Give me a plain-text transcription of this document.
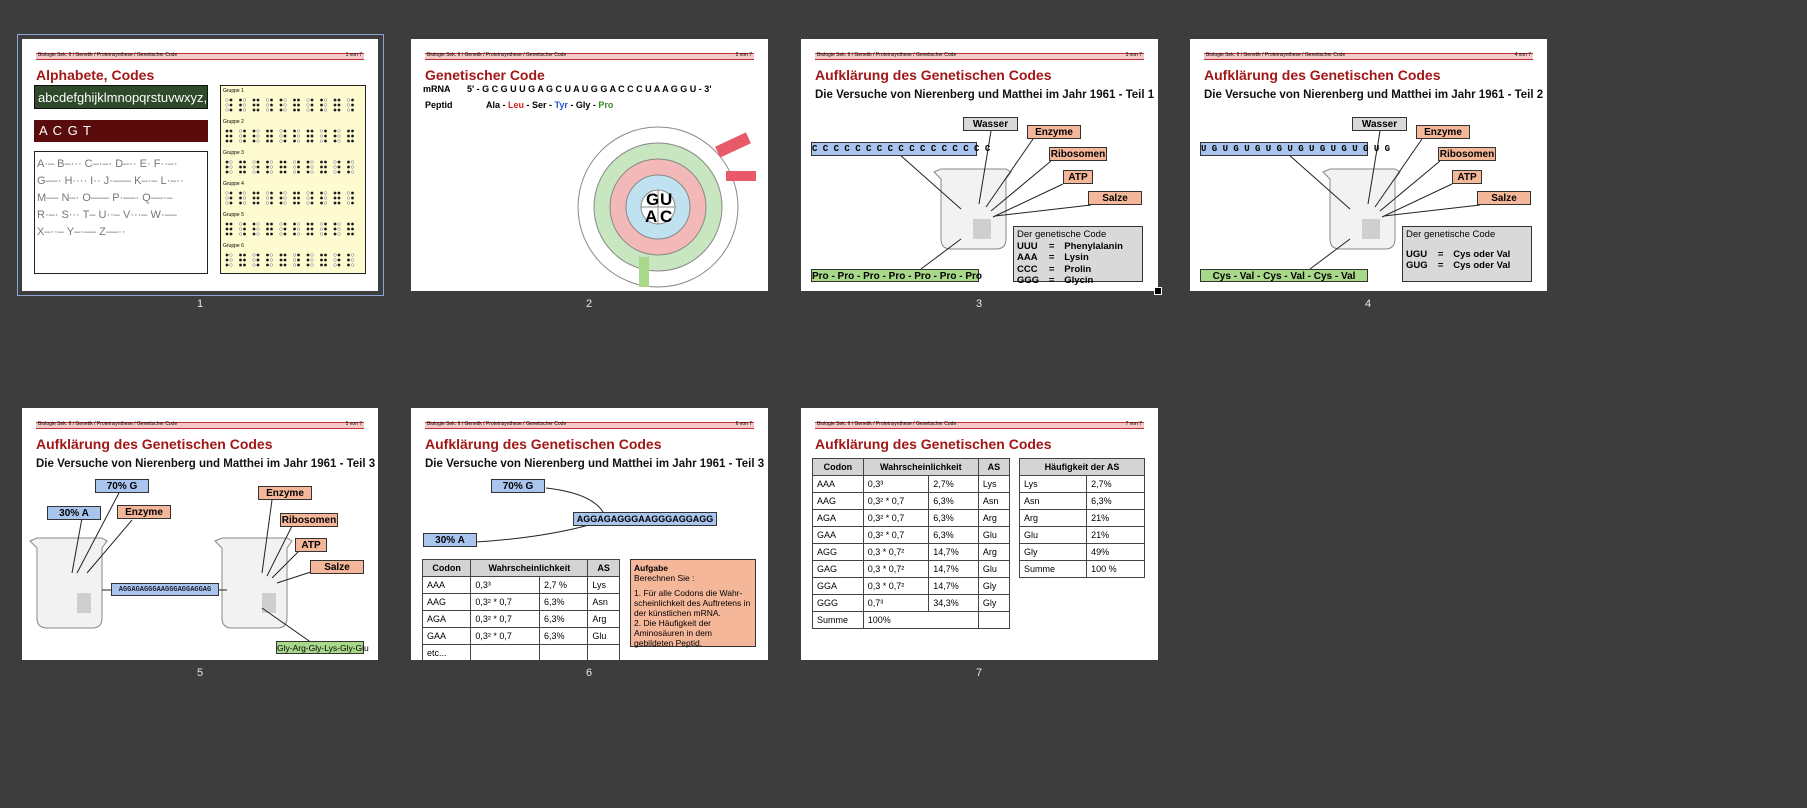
Biologie Sek. II / Genetik / Proteinsynthese / Genetischer Code	1 von 7
Alphabete, Codes
abcdefghijklmnopqrstuvwxyz,.
A C G T
A·– B–··· C–·–· D–·· E· F··–·
G––· H···· I·· J·––– K–·– L·–··
M–– N–· O––– P·––· Q––·–
R·–· S··· T– U··– V···– W·––
X–··– Y–·–– Z––··
Gruppe 1
Gruppe 2
Gruppe 3
Gruppe 4
Gruppe 5
Gruppe 6
1
Biologie Sek. II / Genetik / Proteinsynthese / Genetischer Code	2 von 7
Genetischer Code
mRNA 5' - G C G U U G A G C U A U G G A C C C U A A G G U - 3'
Peptid	Ala - Leu - Ser - Tyr - Gly - Pro
G U
A C
2
Biologie Sek. II / Genetik / Proteinsynthese / Genetischer Code	3 von 7
Aufklärung des Genetischen Codes
Die Versuche von Nierenberg und Matthei im Jahr 1961 - Teil 1
C C C C C C C C C C C C C C C C C
Wasser
Enzyme
Ribosomen
ATP
Salze
Pro - Pro - Pro - Pro - Pro - Pro - Pro
Der genetische Code
UUU = Phenylalanin
AAA = Lysin
CCC = Prolin
GGG = Glycin
3
Biologie Sek. II / Genetik / Proteinsynthese / Genetischer Code	4 von 7
Aufklärung des Genetischen Codes
Die Versuche von Nierenberg und Matthei im Jahr 1961 - Teil 2
U G U G U G U G U G U G U G U G U G
Wasser
Enzyme
Ribosomen
ATP
Salze
Cys - Val - Cys - Val - Cys - Val
Der genetische Code
UGU = Cys oder Val
GUG = Cys oder Val
4
Biologie Sek. II / Genetik / Proteinsynthese / Genetischer Code	5 von 7
Aufklärung des Genetischen Codes
Die Versuche von Nierenberg und Matthei im Jahr 1961 - Teil 3
70% G
30% A	Enzyme
Enzyme
Ribosomen
ATP
Salze
AGGAGAGGGAAGGGAGGAGGAG
Gly-Arg-Gly-Lys-Gly-Glu
5
Biologie Sek. II / Genetik / Proteinsynthese / Genetischer Code	6 von 7
Aufklärung des Genetischen Codes
Die Versuche von Nierenberg und Matthei im Jahr 1961 - Teil 3
70% G
30% A
AGGAGAGGGAAGGGAGGAGG
Codon	Wahrscheinlichkeit		AS
AAA	0,3³	2,7 %	Lys
AAG	0,3² * 0,7	6,3%	Asn
AGA	0,3² * 0,7	6,3%	Arg
GAA	0,3² * 0,7	6,3%	Glu
etc...			
Aufgabe
Berechnen Sie :
1. Für alle Codons die Wahr-scheinlichkeit des Auftretens in der künstlichen mRNA.
2. Die Häufigkeit der Aminosäuren in dem gebildeten Peptid.
6
Biologie Sek. II / Genetik / Proteinsynthese / Genetischer Code	7 von 7
Aufklärung des Genetischen Codes
Codon	Wahrscheinlichkeit		AS
AAA	0,3³	2,7%	Lys
AAG	0,3² * 0,7	6,3%	Asn
AGA	0,3² * 0,7	6,3%	Arg
GAA	0,3² * 0,7	6,3%	Glu
AGG	0,3 * 0,7²	14,7%	Arg
GAG	0,3 * 0,7²	14,7%	Glu
GGA	0,3 * 0,7²	14,7%	Gly
GGG	0,7³	34,3%	Gly
Summe	100%		
Häufigkeit der AS	
Lys	2,7%
Asn	6,3%
Arg	21%
Glu	21%
Gly	49%
Summe	100 %
7
